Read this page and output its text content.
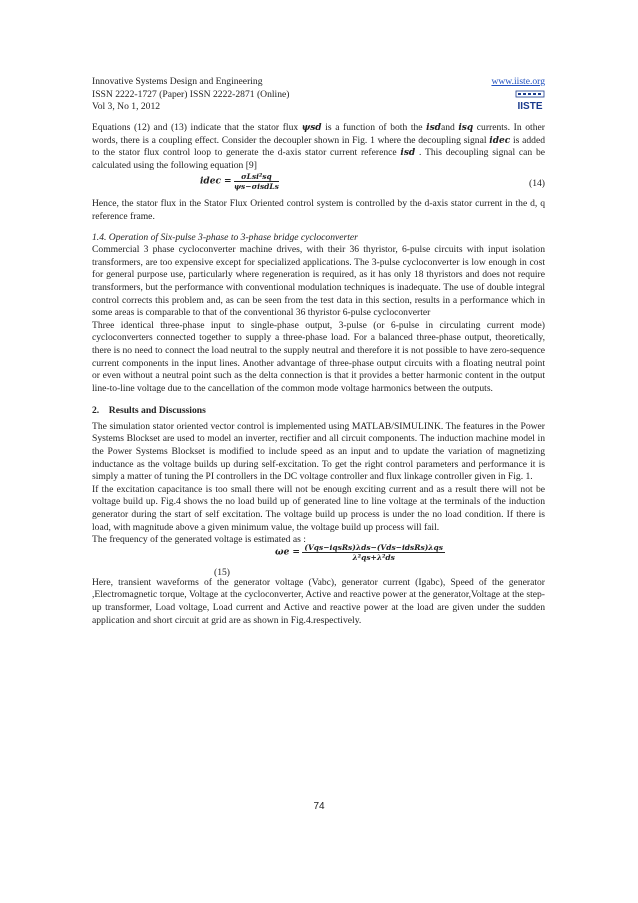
Innovative Systems Design and Engineering
ISSN 2222-1727 (Paper) ISSN 2222-2871 (Online)
Vol 3, No 1, 2012
www.iiste.org
IISTE

Equations (12) and (13) indicate that the stator flux ψsd is a function of both the isdand isq currents. In other words, there is a coupling effect. Consider the decoupler shown in Fig. 1 where the decoupling signal idec is added to the stator flux control loop to generate the d-axis stator current reference isd . This decoupling signal can be calculated using the following equation [9]

idec = $\frac{\text{σLsi²sq}}{\text{ψs−σisdLs}}$	(14)

Hence, the stator flux in the Stator Flux Oriented control system is controlled by the d-axis stator current in the d, q reference frame.

1.4. Operation of Six-pulse 3-phase to 3-phase bridge cycloconverter

Commercial 3 phase cycloconverter machine drives, with their 36 thyristor, 6-pulse circuits with input isolation transformers, are too expensive except for specialized applications. The 3-pulse cycloconverter is low enough in cost for general purpose use, particularly where regeneration is required, as it has only 18 thyristors and does not require transformers, but the performance with conventional modulation techniques is inadequate. The use of double integral control corrects this problem and, as can be seen from the test data in this section, results in a performance which in some areas is comparable to that of the conventional 36 thyristor 6-pulse cycloconverter

Three identical three-phase input to single-phase output, 3-pulse (or 6-pulse in circulating current mode) cycloconverters connected together to supply a three-phase load. For a balanced three-phase output, theoretically, there is no need to connect the load neutral to the supply neutral and therefore it is not possible to have zero-sequence current components in the input lines. Another advantage of three-phase output circuits with a floating neutral point or even without a neutral point such as the delta connection is that it provides a better harmonic content in the output line-to-line voltage due to the cancellation of the common mode voltage harmonics between the outputs.

2.    Results and Discussions

The simulation stator oriented vector control is implemented using MATLAB/SIMULINK. The features in the Power Systems Blockset are used to model an inverter, rectifier and all circuit components. The induction machine model in the Power Systems Blockset is modified to include speed as an input and to update the variation of magnetizing inductance as the voltage builds up during self-excitation. To get the right control parameters and performance it is simply a matter of tuning the PI controllers in the DC voltage controller and flux linkage controller given in Fig. 1.

If the excitation capacitance is too small there will not be enough exciting current and as a result there will not be voltage build up. Fig.4 shows the no load build up of generated line to line voltage at the terminals of the induction generator during the start of self excitation. The voltage build up process is under the no load condition. If there is load, with magnitude above a given minimum value, the voltage build up process will fail.

The frequency of the generated voltage is estimated as :

$\omega e = \frac{\text{(Vqs−iqsRs)λds−(Vds−idsRs)λqs}}{\text{λ²qs+λ²ds}}$
(15)

Here, transient waveforms of the generator voltage (Vabc), generator current (Igabc), Speed of the generator ,Electromagnetic torque, Voltage at the cycloconverter, Active and reactive power at the generator,Voltage at the step-up transformer, Load voltage, Load current and Active and reactive power at the load are given under the sudden application and short circuit at grid are as shown in Fig.4.respectively.

74
